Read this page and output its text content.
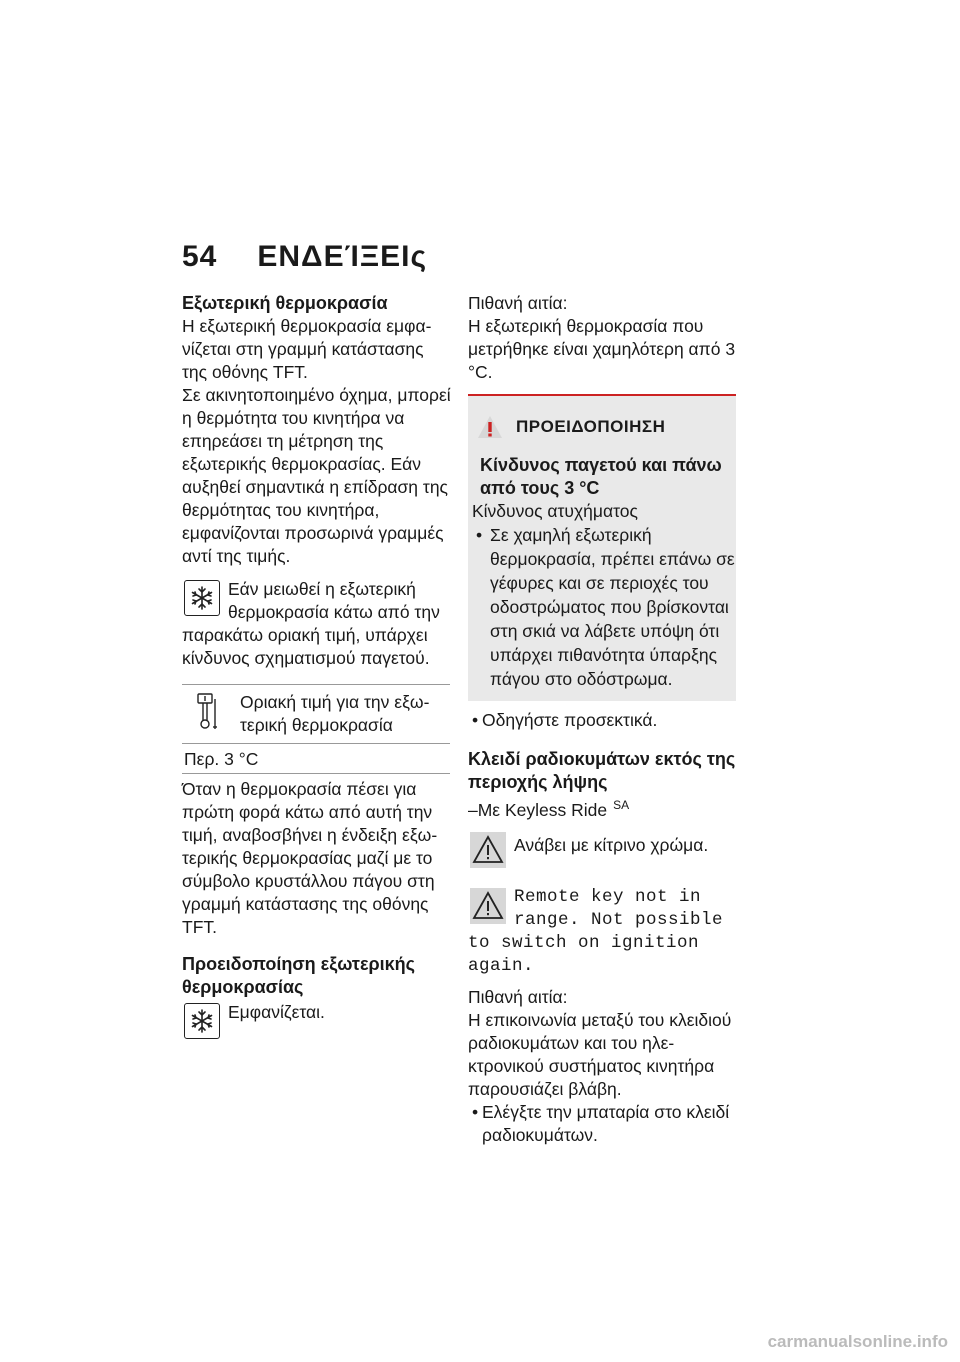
54 ΕΝΔΕΊΞΕΙς

Εξωτερική θερμοκρασία

Η εξωτερική θερμοκρασία εμφανίζεται στη γραμμή κατάστασης της οθόνης TFT.

Σε ακινητοποιημένο όχημα, μπορεί η θερμότητα του κινητήρα να επηρεάσει τη μέτρηση της εξωτερικής θερμοκρασίας. Εάν αυξηθεί σημαντικά η επίδραση της θερμότητας του κινητήρα, εμφανίζονται προσωρινά γραμμές αντί της τιμής.

Εάν μειωθεί η εξωτερική θερμοκρασία κάτω από την παρακάτω οριακή τιμή, υπάρχει κίνδυνος σχηματισμού παγετού.

Οριακή τιμή για την εξωτερική θερμοκρασία
Περ. 3 °C

Όταν η θερμοκρασία πέσει για πρώτη φορά κάτω από αυτή την τιμή, αναβοσβήνει η ένδειξη εξωτερικής θερμοκρασίας μαζί με το σύμβολο κρυστάλλου πάγου στη γραμμή κατάστασης της οθόνης TFT.

Προειδοποίηση εξωτερικής θερμοκρασίας

Εμφανίζεται.

Πιθανή αιτία:

Η εξωτερική θερμοκρασία που μετρήθηκε είναι χαμηλότερη από 3 °C.

ΠΡΟΕΙΔΟΠΟΙΗΣΗ
Κίνδυνος παγετού και πάνω από τους 3 °C
Κίνδυνος ατυχήματος
• Σε χαμηλή εξωτερική θερμοκρασία, πρέπει επάνω σε γέφυρες και σε περιοχές του οδοστρώματος που βρίσκονται στη σκιά να λάβετε υπόψη ότι υπάρχει πιθανότητα ύπαρξης πάγου στο οδόστρωμα.
• Οδηγήστε προσεκτικά.

Κλειδί ραδιοκυμάτων εκτός της περιοχής λήψης

–Με Keyless Ride $^{SA}$

Ανάβει με κίτρινο χρώμα.

Remote key not in range. Not possible to switch on ignition again.

Πιθανή αιτία:

Η επικοινωνία μεταξύ του κλειδιού ραδιοκυμάτων και του ηλεκτρονικού συστήματος κινητήρα παρουσιάζει βλάβη.

• Ελέγξτε την μπαταρία στο κλειδί ραδιοκυμάτων.
carmanualsonline.info
